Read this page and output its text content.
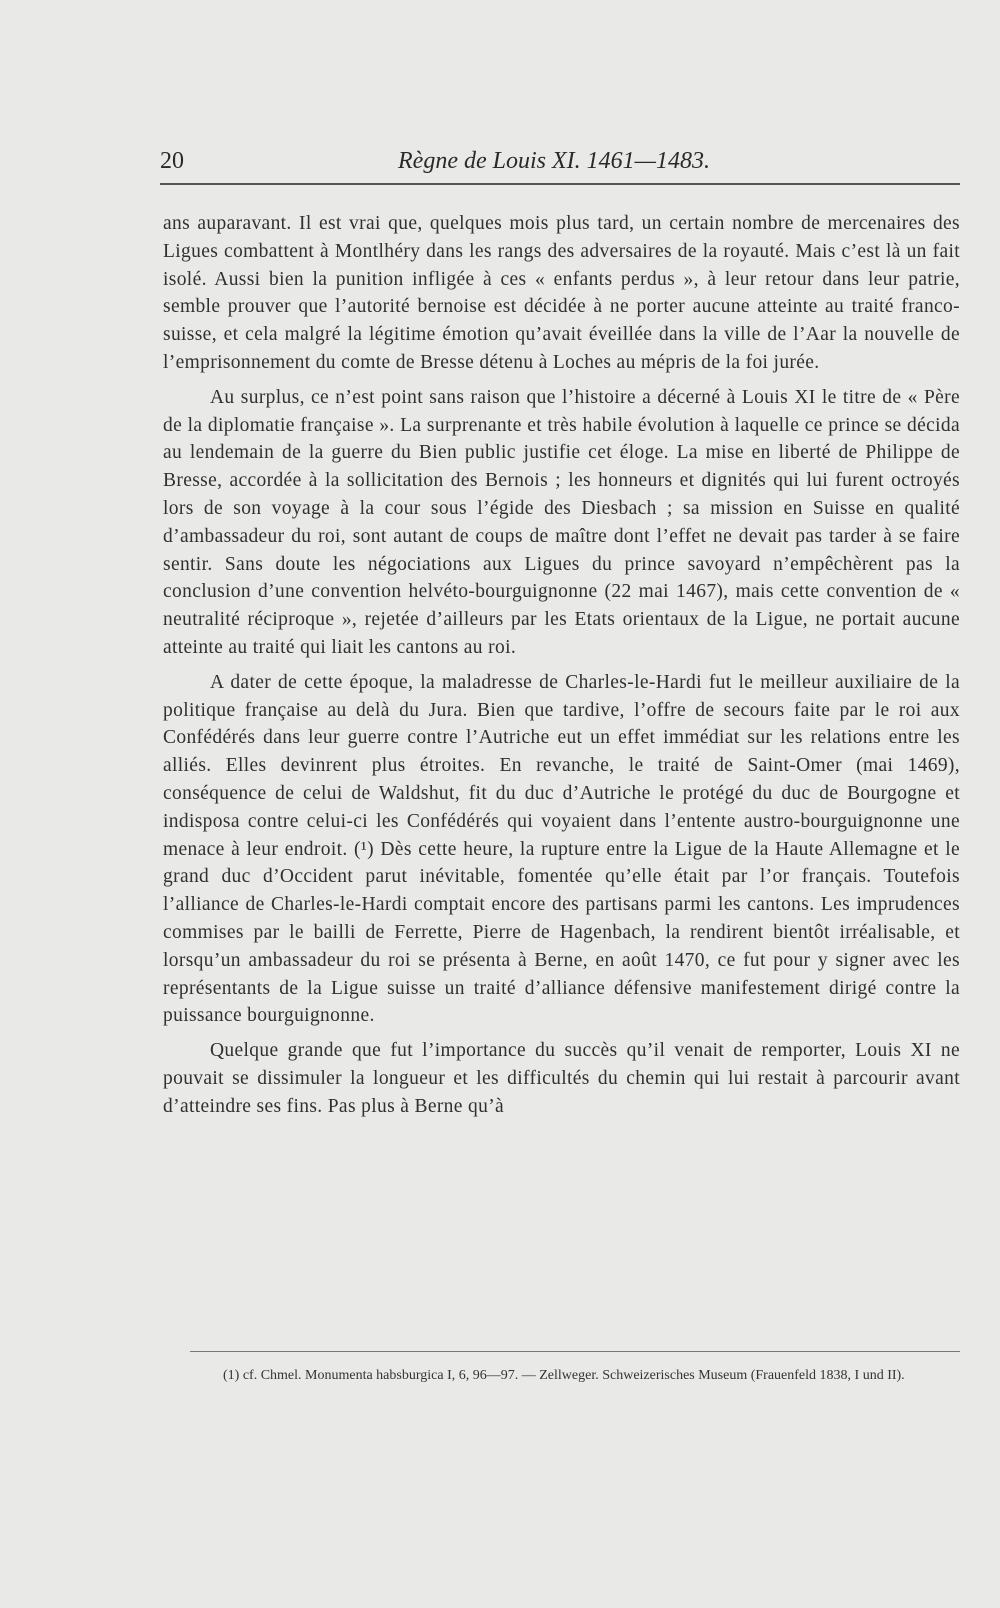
20	Règne de Louis XI. 1461—1483.

ans auparavant. Il est vrai que, quelques mois plus tard, un certain nombre de mercenaires des Ligues combattent à Montlhéry dans les rangs des adversaires de la royauté. Mais c’est là un fait isolé. Aussi bien la punition infligée à ces « enfants perdus », à leur retour dans leur patrie, semble prouver que l’autorité bernoise est décidée à ne porter aucune atteinte au traité franco-suisse, et cela malgré la légitime émotion qu’avait éveillée dans la ville de l’Aar la nouvelle de l’emprisonnement du comte de Bresse détenu à Loches au mépris de la foi jurée.

Au surplus, ce n’est point sans raison que l’histoire a décerné à Louis XI le titre de « Père de la diplomatie française ». La surprenante et très habile évolution à laquelle ce prince se décida au lendemain de la guerre du Bien public justifie cet éloge. La mise en liberté de Philippe de Bresse, accordée à la sollicitation des Bernois ; les honneurs et dignités qui lui furent octroyés lors de son voyage à la cour sous l’égide des Diesbach ; sa mission en Suisse en qualité d’ambassadeur du roi, sont autant de coups de maître dont l’effet ne devait pas tarder à se faire sentir. Sans doute les négociations aux Ligues du prince savoyard n’empêchèrent pas la conclusion d’une convention helvéto-bourguignonne (22 mai 1467), mais cette convention de « neutralité réciproque », rejetée d’ailleurs par les Etats orientaux de la Ligue, ne portait aucune atteinte au traité qui liait les cantons au roi.

A dater de cette époque, la maladresse de Charles-le-Hardi fut le meilleur auxiliaire de la politique française au delà du Jura. Bien que tardive, l’offre de secours faite par le roi aux Confédérés dans leur guerre contre l’Autriche eut un effet immédiat sur les relations entre les alliés. Elles devinrent plus étroites. En revanche, le traité de Saint-Omer (mai 1469), conséquence de celui de Waldshut, fit du duc d’Autriche le protégé du duc de Bourgogne et indisposa contre celui-ci les Confédérés qui voyaient dans l’entente austro-bourguignonne une menace à leur endroit. (¹) Dès cette heure, la rupture entre la Ligue de la Haute Allemagne et le grand duc d’Occident parut inévitable, fomentée qu’elle était par l’or français. Toutefois l’alliance de Charles-le-Hardi comptait encore des partisans parmi les cantons. Les imprudences commises par le bailli de Ferrette, Pierre de Hagenbach, la rendirent bientôt irréalisable, et lorsqu’un ambassadeur du roi se présenta à Berne, en août 1470, ce fut pour y signer avec les représentants de la Ligue suisse un traité d’alliance défensive manifestement dirigé contre la puissance bourguignonne.

Quelque grande que fut l’importance du succès qu’il venait de remporter, Louis XI ne pouvait se dissimuler la longueur et les difficultés du chemin qui lui restait à parcourir avant d’atteindre ses fins. Pas plus à Berne qu’à

(1) cf. Chmel. Monumenta habsburgica I, 6, 96—97. — Zellweger. Schweizerisches Museum (Frauenfeld 1838, I und II).
